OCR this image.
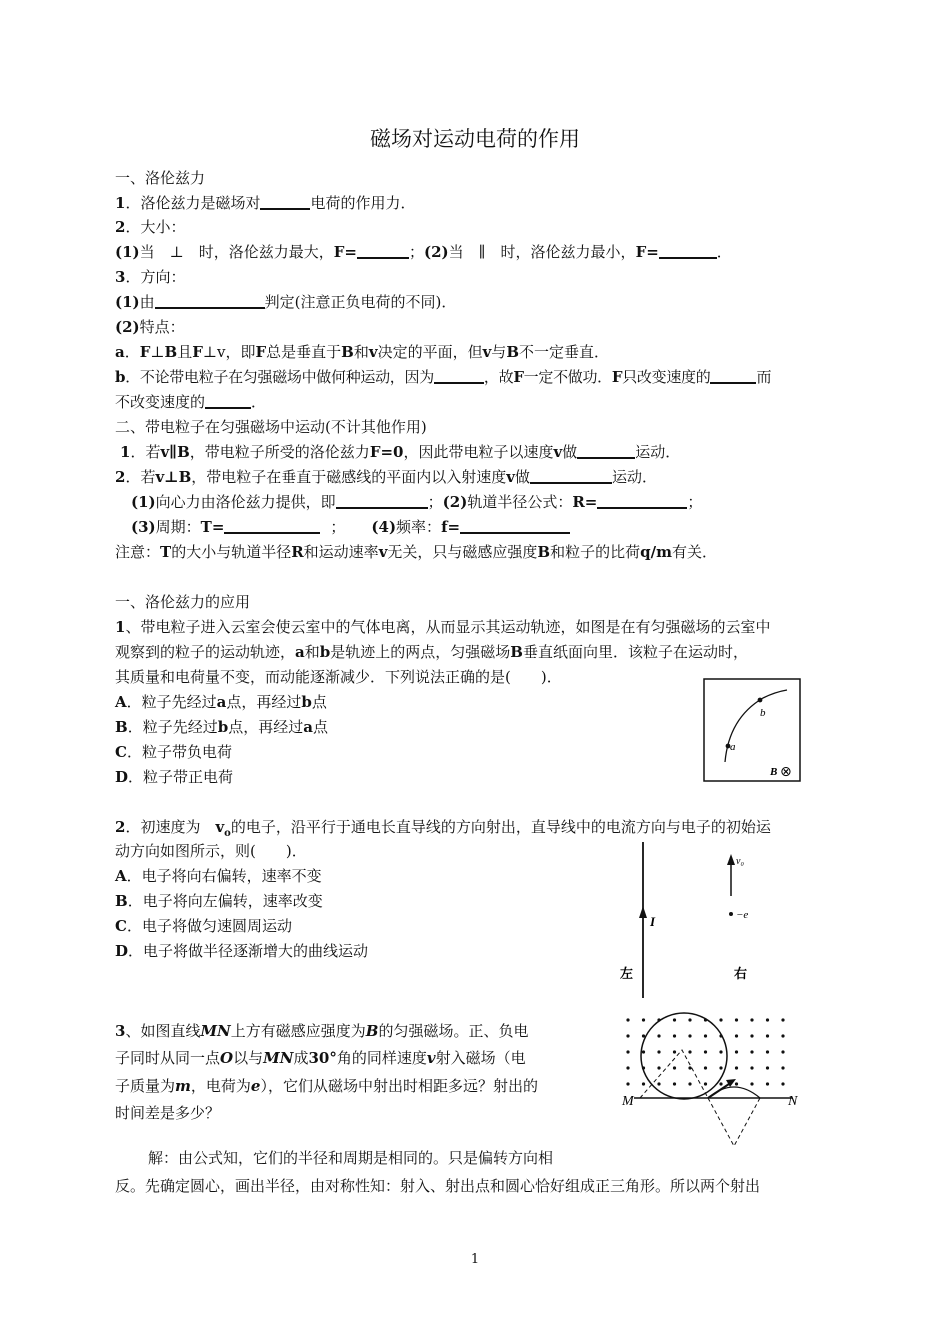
磁场对运动电荷的作用
一、洛伦兹力
1．洛伦兹力是磁场对	电荷的作用力．
2．大小：
(1)当　⊥　时，洛伦兹力最大，F=	；(2)当　∥　时，洛伦兹力最小，F=	．
3．方向：
(1)由	判定(注意正负电荷的不同)．
(2)特点：
a．F⊥B且F⊥v，即F总是垂直于B和v决定的平面，但v与B不一定垂直．
b．不论带电粒子在匀强磁场中做何种运动，因为	，故F一定不做功．F只改变速度的	而
不改变速度的	．
二、带电粒子在匀强磁场中运动(不计其他作用)
1．若v∥B，带电粒子所受的洛伦兹力F=0，因此带电粒子以速度v做	运动．
2．若v⊥B，带电粒子在垂直于磁感线的平面内以入射速度v做	运动．
(1)向心力由洛伦兹力提供，即	；(2)轨道半径公式：R=	；
(3)周期：T=	； (4)频率：f=
注意：T的大小与轨道半径R和运动速率v无关，只与磁感应强度B和粒子的比荷q/m有关．
一、洛伦兹力的应用
1、带电粒子进入云室会使云室中的气体电离，从而显示其运动轨迹，如图是在有匀强磁场的云室中
观察到的粒子的运动轨迹，a和b是轨迹上的两点，匀强磁场B垂直纸面向里．该粒子在运动时，
其质量和电荷量不变，而动能逐渐减少．下列说法正确的是(　　)．
A．粒子先经过a点，再经过b点
B．粒子先经过b点，再经过a点
C．粒子带负电荷
D．粒子带正电荷
b
a
B ⊗
2．初速度为　$v_o$的电子，沿平行于通电长直导线的方向射出，直导线中的电流方向与电子的初始运
动方向如图所示，则(　　)．
A．电子将向右偏转，速率不变
B．电子将向左偏转，速率改变
C．电子将做匀速圆周运动
D．电子将做半径逐渐增大的曲线运动
I
v₀
−e
左	右
3、如图直线MN上方有磁感应强度为B的匀强磁场。正、负电
子同时从同一点O以与MN成30°角的同样速度v射入磁场（电
子质量为m，电荷为e），它们从磁场中射出时相距多远？射出的
时间差是多少？
M	N
解：由公式知，它们的半径和周期是相同的。只是偏转方向相
反。先确定圆心，画出半径，由对称性知：射入、射出点和圆心恰好组成正三角形。所以两个射出
1
